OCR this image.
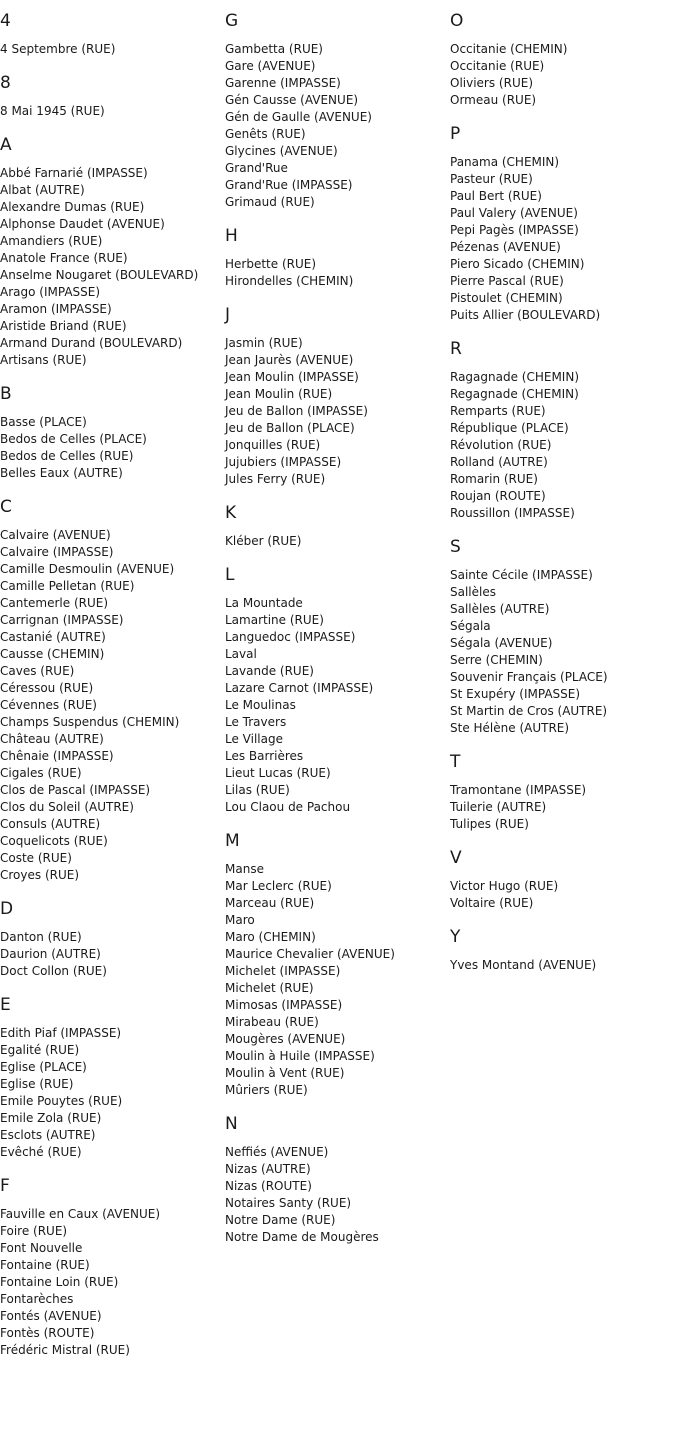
4
4 Septembre (RUE)
8
8 Mai 1945 (RUE)
A
Abbé Farnarié (IMPASSE)
Albat (AUTRE)
Alexandre Dumas (RUE)
Alphonse Daudet (AVENUE)
Amandiers (RUE)
Anatole France (RUE)
Anselme Nougaret (BOULEVARD)
Arago (IMPASSE)
Aramon (IMPASSE)
Aristide Briand (RUE)
Armand Durand (BOULEVARD)
Artisans (RUE)
B
Basse (PLACE)
Bedos de Celles (PLACE)
Bedos de Celles (RUE)
Belles Eaux (AUTRE)
C
Calvaire (AVENUE)
Calvaire (IMPASSE)
Camille Desmoulin (AVENUE)
Camille Pelletan (RUE)
Cantemerle (RUE)
Carrignan (IMPASSE)
Castanié (AUTRE)
Causse (CHEMIN)
Caves (RUE)
Céressou (RUE)
Cévennes (RUE)
Champs Suspendus (CHEMIN)
Château (AUTRE)
Chênaie (IMPASSE)
Cigales (RUE)
Clos de Pascal (IMPASSE)
Clos du Soleil (AUTRE)
Consuls (AUTRE)
Coquelicots (RUE)
Coste (RUE)
Croyes (RUE)
D
Danton (RUE)
Daurion (AUTRE)
Doct Collon (RUE)
E
Edith Piaf (IMPASSE)
Egalité (RUE)
Eglise (PLACE)
Eglise (RUE)
Emile Pouytes (RUE)
Emile Zola (RUE)
Esclots (AUTRE)
Evêché (RUE)
F
Fauville en Caux (AVENUE)
Foire (RUE)
Font Nouvelle
Fontaine (RUE)
Fontaine Loin (RUE)
Fontarèches
Fontés (AVENUE)
Fontès (ROUTE)
Frédéric Mistral (RUE)
G
Gambetta (RUE)
Gare (AVENUE)
Garenne (IMPASSE)
Gén Causse (AVENUE)
Gén de Gaulle (AVENUE)
Genêts (RUE)
Glycines (AVENUE)
Grand'Rue
Grand'Rue (IMPASSE)
Grimaud (RUE)
H
Herbette (RUE)
Hirondelles (CHEMIN)
J
Jasmin (RUE)
Jean Jaurès (AVENUE)
Jean Moulin (IMPASSE)
Jean Moulin (RUE)
Jeu de Ballon (IMPASSE)
Jeu de Ballon (PLACE)
Jonquilles (RUE)
Jujubiers (IMPASSE)
Jules Ferry (RUE)
K
Kléber (RUE)
L
La Mountade
Lamartine (RUE)
Languedoc (IMPASSE)
Laval
Lavande (RUE)
Lazare Carnot (IMPASSE)
Le Moulinas
Le Travers
Le Village
Les Barrières
Lieut Lucas (RUE)
Lilas (RUE)
Lou Claou de Pachou
M
Manse
Mar Leclerc (RUE)
Marceau (RUE)
Maro
Maro (CHEMIN)
Maurice Chevalier (AVENUE)
Michelet (IMPASSE)
Michelet (RUE)
Mimosas (IMPASSE)
Mirabeau (RUE)
Mougères (AVENUE)
Moulin à Huile (IMPASSE)
Moulin à Vent (RUE)
Mûriers (RUE)
N
Neffiés (AVENUE)
Nizas (AUTRE)
Nizas (ROUTE)
Notaires Santy (RUE)
Notre Dame (RUE)
Notre Dame de Mougères
O
Occitanie (CHEMIN)
Occitanie (RUE)
Oliviers (RUE)
Ormeau (RUE)
P
Panama (CHEMIN)
Pasteur (RUE)
Paul Bert (RUE)
Paul Valery (AVENUE)
Pepi Pagès (IMPASSE)
Pézenas (AVENUE)
Piero Sicado (CHEMIN)
Pierre Pascal (RUE)
Pistoulet (CHEMIN)
Puits Allier (BOULEVARD)
R
Ragagnade (CHEMIN)
Regagnade (CHEMIN)
Remparts (RUE)
République (PLACE)
Révolution (RUE)
Rolland (AUTRE)
Romarin (RUE)
Roujan (ROUTE)
Roussillon (IMPASSE)
S
Sainte Cécile (IMPASSE)
Sallèles
Sallèles (AUTRE)
Ségala
Ségala (AVENUE)
Serre (CHEMIN)
Souvenir Français (PLACE)
St Exupéry (IMPASSE)
St Martin de Cros (AUTRE)
Ste Hélène (AUTRE)
T
Tramontane (IMPASSE)
Tuilerie (AUTRE)
Tulipes (RUE)
V
Victor Hugo (RUE)
Voltaire (RUE)
Y
Yves Montand (AVENUE)
